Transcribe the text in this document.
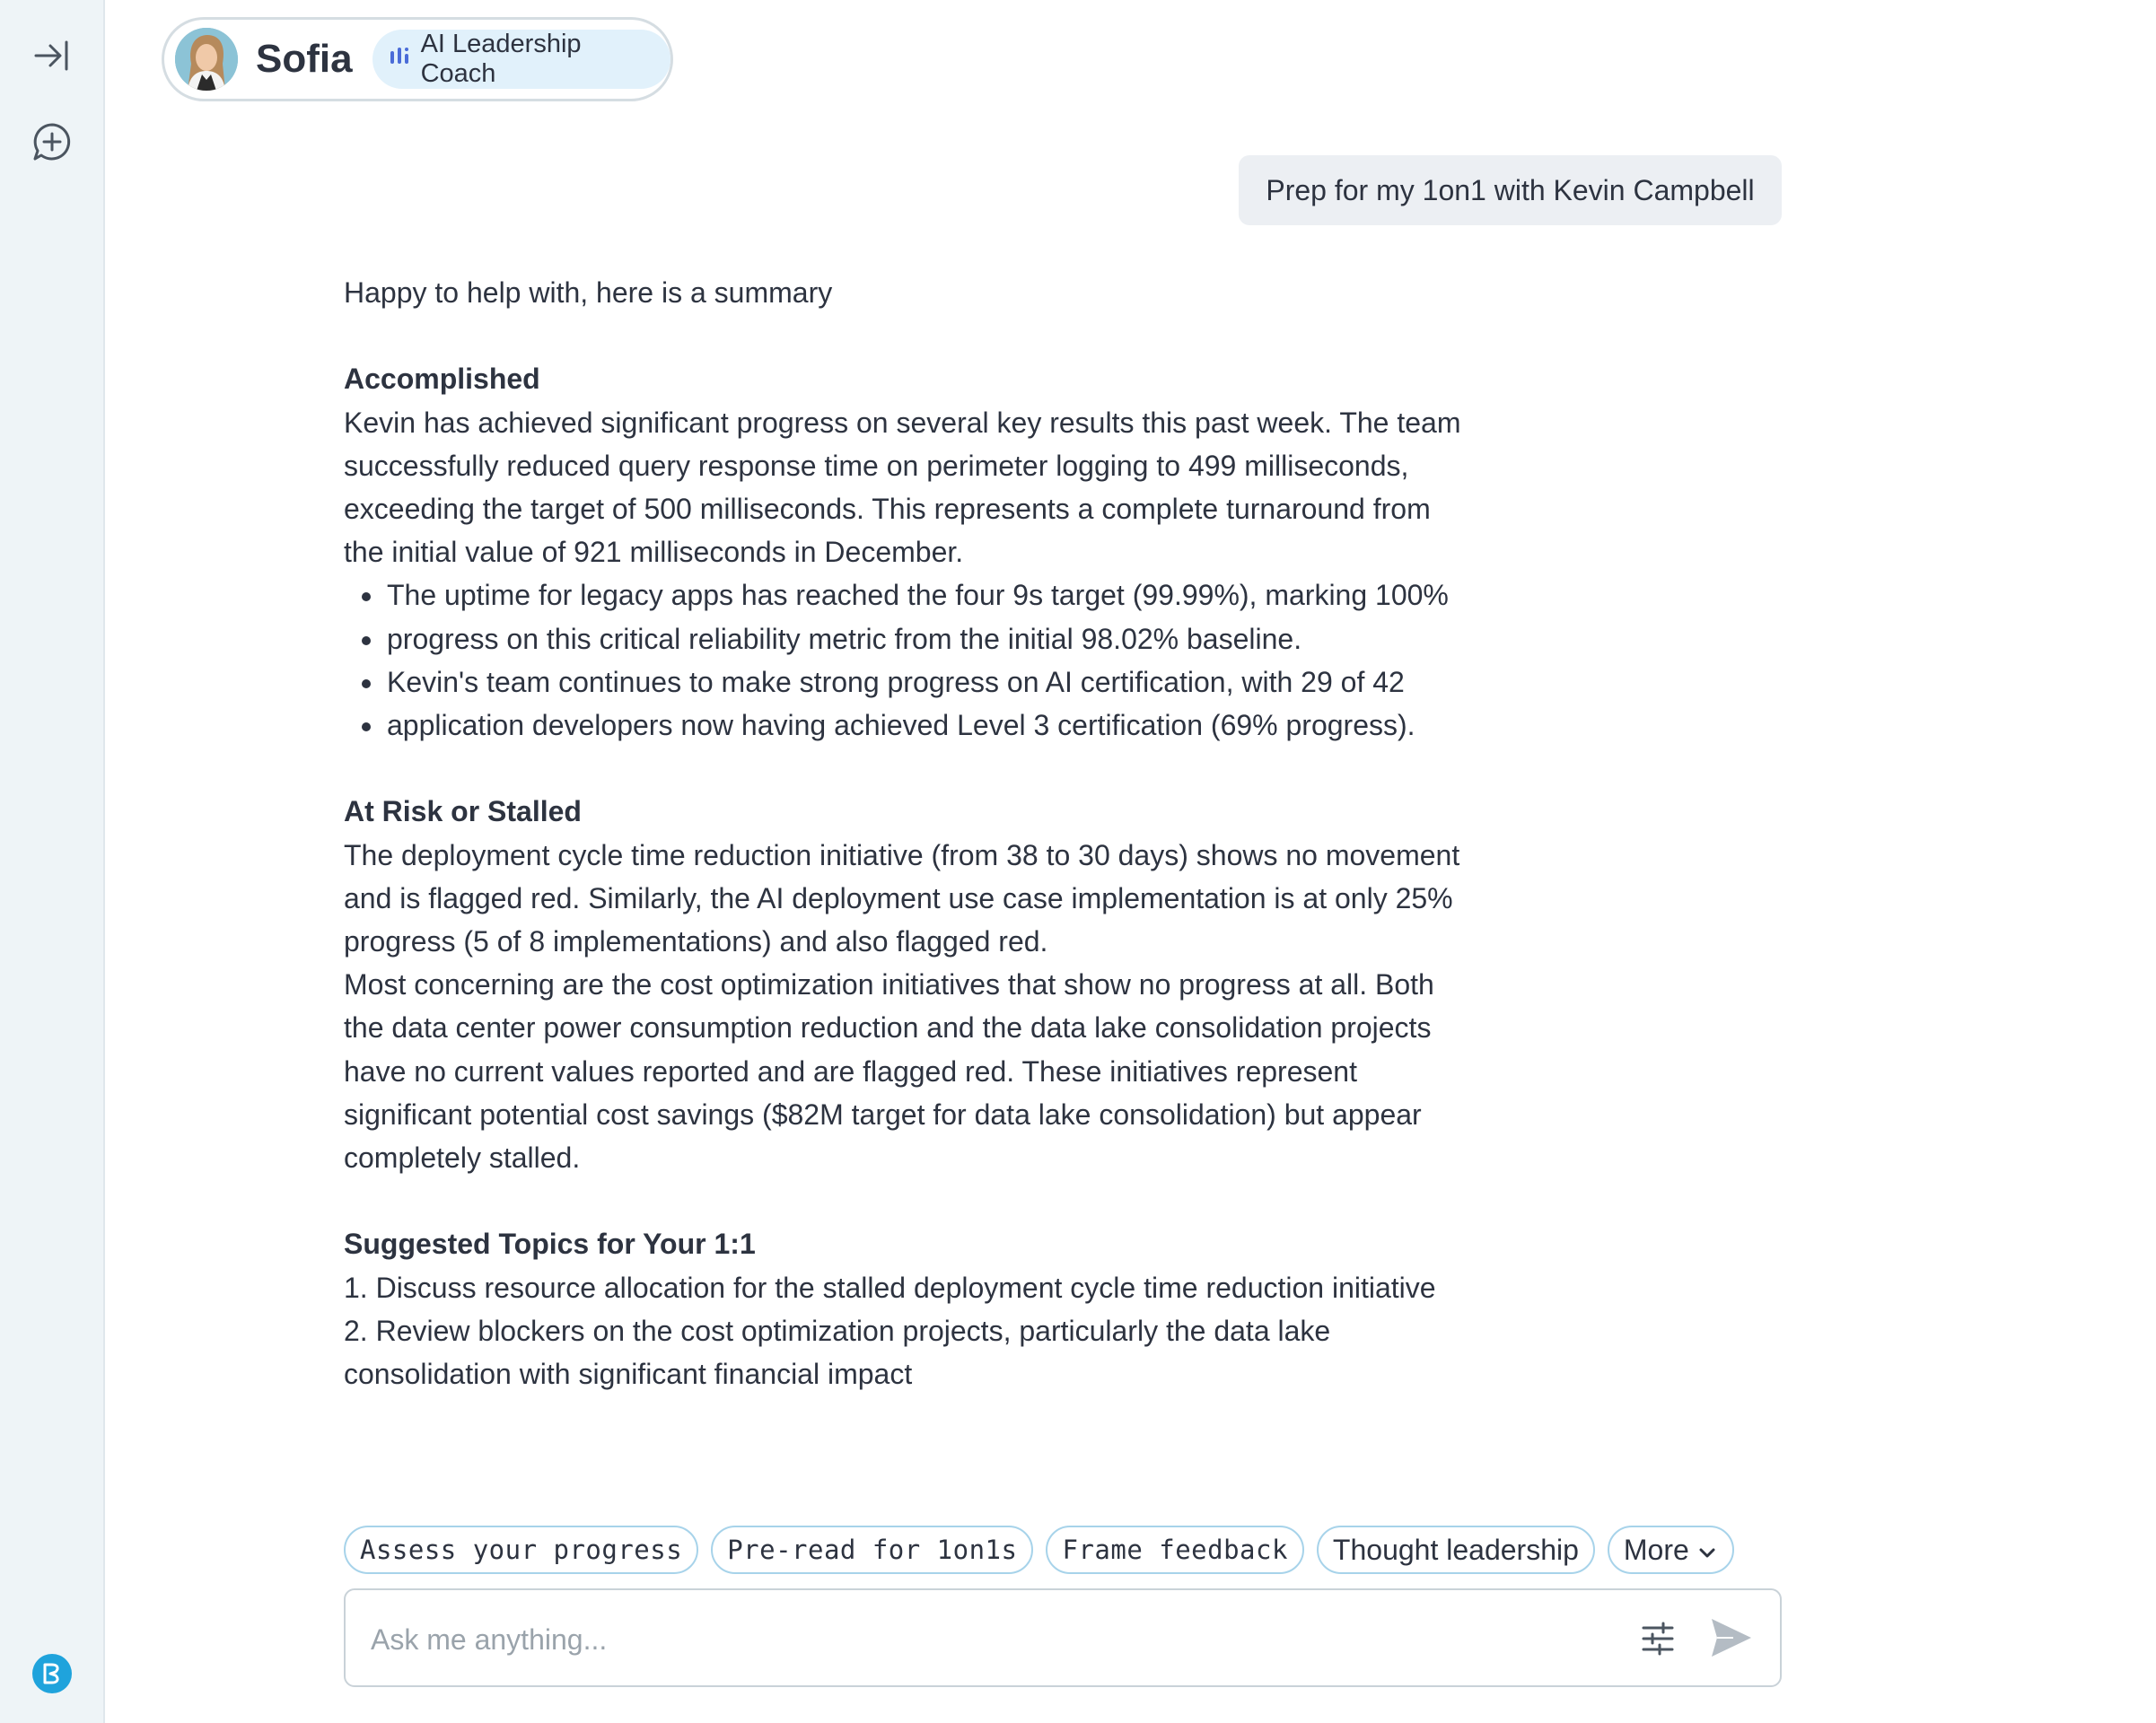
Sofia	AI Leadership Coach
Prep for my 1on1 with Kevin Campbell

Happy to help with, here is a summary

Accomplished

Kevin has achieved significant progress on several key results this past week. The team successfully reduced query response time on perimeter logging to 499 milliseconds, exceeding the target of 500 milliseconds. This represents a complete turnaround from the initial value of 921 milliseconds in December.

The uptime for legacy apps has reached the four 9s target (99.99%), marking 100%
progress on this critical reliability metric from the initial 98.02% baseline.
Kevin's team continues to make strong progress on AI certification, with 29 of 42
application developers now having achieved Level 3 certification (69% progress).
At Risk or Stalled

The deployment cycle time reduction initiative (from 38 to 30 days) shows no movement and is flagged red. Similarly, the AI deployment use case implementation is at only 25% progress (5 of 8 implementations) and also flagged red.

Most concerning are the cost optimization initiatives that show no progress at all. Both the data center power consumption reduction and the data lake consolidation projects have no current values reported and are flagged red. These initiatives represent significant potential cost savings ($82M target for data lake consolidation) but appear completely stalled.

Suggested Topics for Your 1:1

1. Discuss resource allocation for the stalled deployment cycle time reduction initiative

2. Review blockers on the cost optimization projects, particularly the data lake consolidation with significant financial impact

Assess your progress	Pre-read for 1on1s	Frame feedback	Thought leadership	More
Ask me anything...
